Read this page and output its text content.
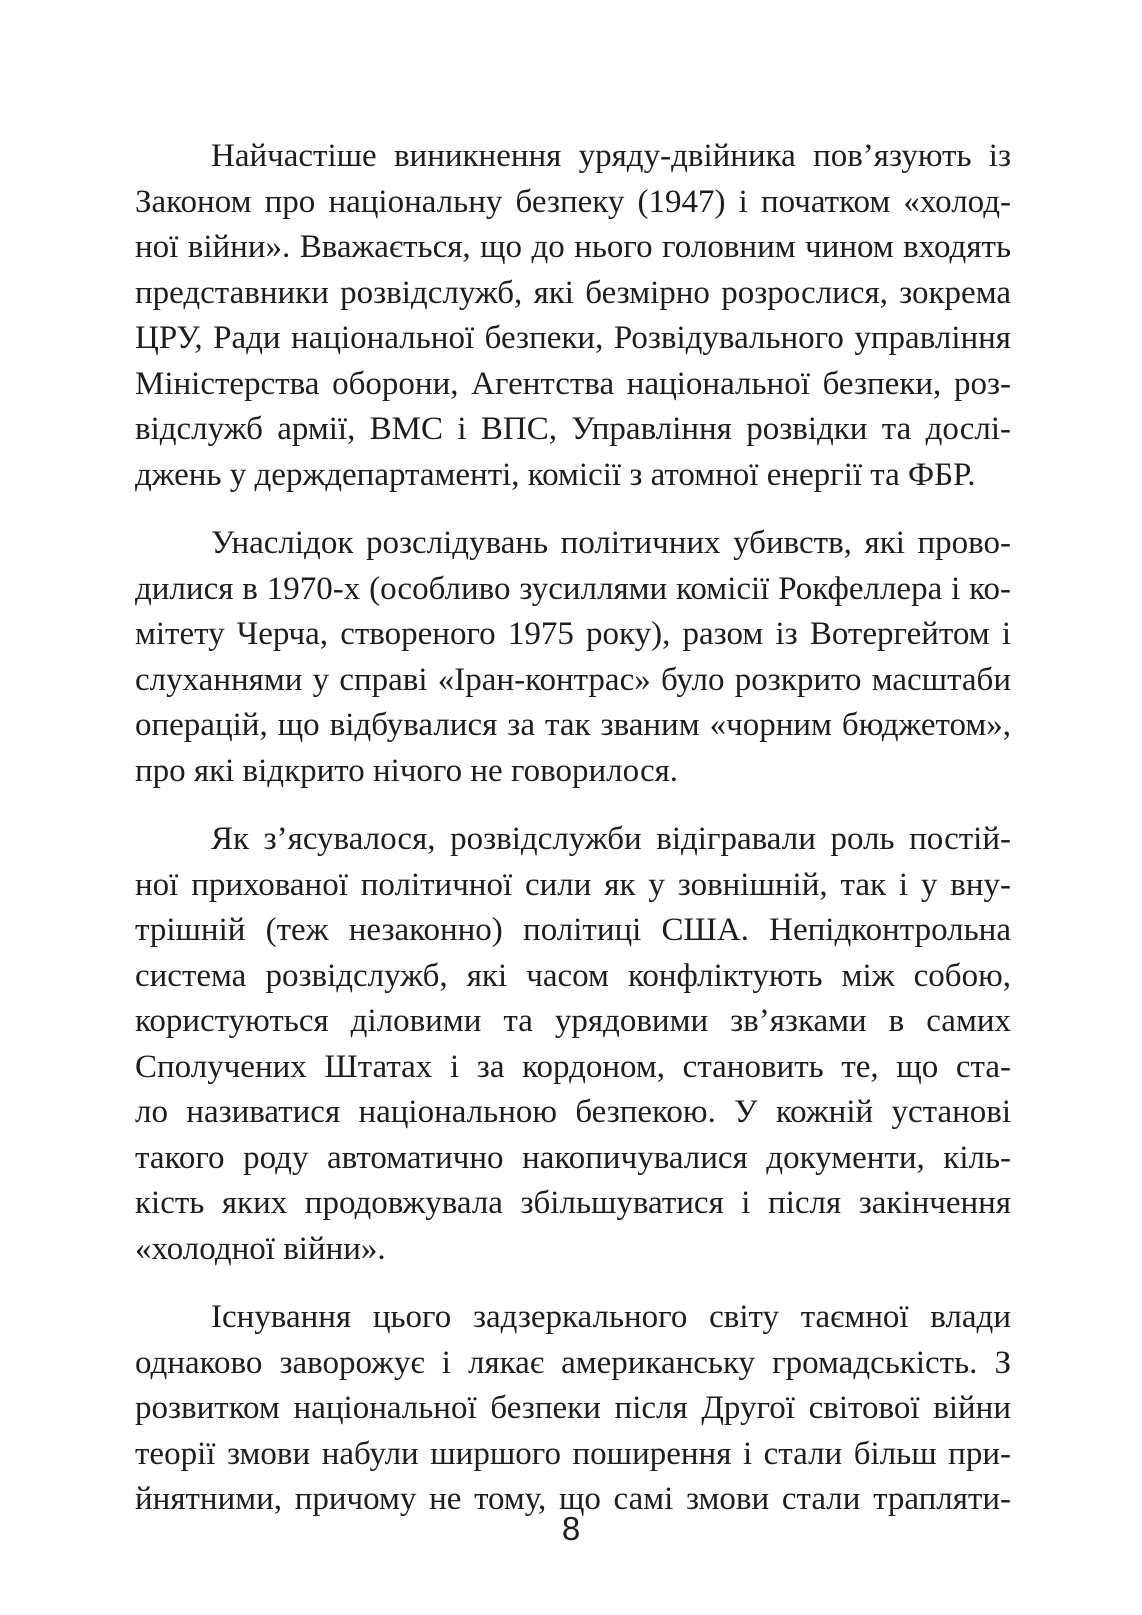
Найчастіше виникнення уряду-двійника пов’язують із
Законом про національну безпеку (1947) і початком «холод-
ної війни». Вважається, що до нього головним чином входять
представники розвідслужб, які безмірно розрослися, зокрема
ЦРУ, Ради національної безпеки, Розвідувального управління
Міністерства оборони, Агентства національної безпеки, роз-
відслужб армії, ВМС і ВПС, Управління розвідки та дослі-
джень у держдепартаменті, комісії з атомної енергії та ФБР.
Унаслідок розслідувань політичних убивств, які прово-
дилися в 1970-х (особливо зусиллями комісії Рокфеллера і ко-
мітету Черча, створеного 1975 року), разом із Вотергейтом і
слуханнями у справі «Іран-контрас» було розкрито масштаби
операцій, що відбувалися за так званим «чорним бюджетом»,
про які відкрито нічого не говорилося.
Як з’ясувалося, розвідслужби відігравали роль постій-
ної прихованої політичної сили як у зовнішній, так і у вну-
трішній (теж незаконно) політиці США. Непідконтрольна
система розвідслужб, які часом конфліктують між собою,
користуються діловими та урядовими зв’язками в самих
Сполучених Штатах і за кордоном, становить те, що ста-
ло називатися національною безпекою. У кожній установі
такого роду автоматично накопичувалися документи, кіль-
кість яких продовжувала збільшуватися і після закінчення
«холодної війни».
Існування цього задзеркального світу таємної влади
однаково заворожує і лякає американську громадськість. З
розвитком національної безпеки після Другої світової війни
теорії змови набули ширшого поширення і стали більш при-
йнятними, причому не тому, що самі змови стали трапляти-
8
